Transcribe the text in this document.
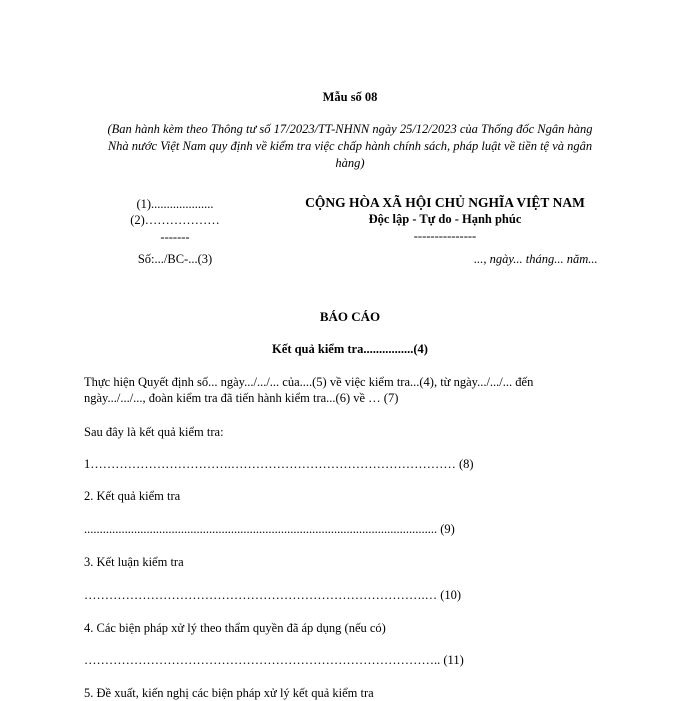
Mẫu số 08
(Ban hành kèm theo Thông tư số 17/2023/TT-NHNN ngày 25/12/2023 của Thống đốc Ngân hàng
Nhà nước Việt Nam quy định về kiểm tra việc chấp hành chính sách, pháp luật về tiền tệ và ngân
hàng)
(1)....................
(2)………………
-------
Số:.../BC-...(3)
CỘNG HÒA XÃ HỘI CHỦ NGHĨA VIỆT NAM
Độc lập - Tự do - Hạnh phúc
---------------
..., ngày... tháng... năm...
BÁO CÁO
Kết quả kiểm tra................(4)
Thực hiện Quyết định số... ngày.../.../... của....(5) về việc kiểm tra...(4), từ ngày.../.../... đến
ngày.../.../..., đoàn kiểm tra đã tiến hành kiểm tra...(6) về … (7)
Sau đây là kết quả kiểm tra:
1…………………………….……………………………………………… (8)
2. Kết quả kiểm tra
................................................................................................................. (9)
3. Kết luận kiểm tra
……………………………………………………………………….… (10)
4. Các biện pháp xử lý theo thẩm quyền đã áp dụng (nếu có)
………………………………………………………………………….. (11)
5. Đề xuất, kiến nghị các biện pháp xử lý kết quả kiểm tra
